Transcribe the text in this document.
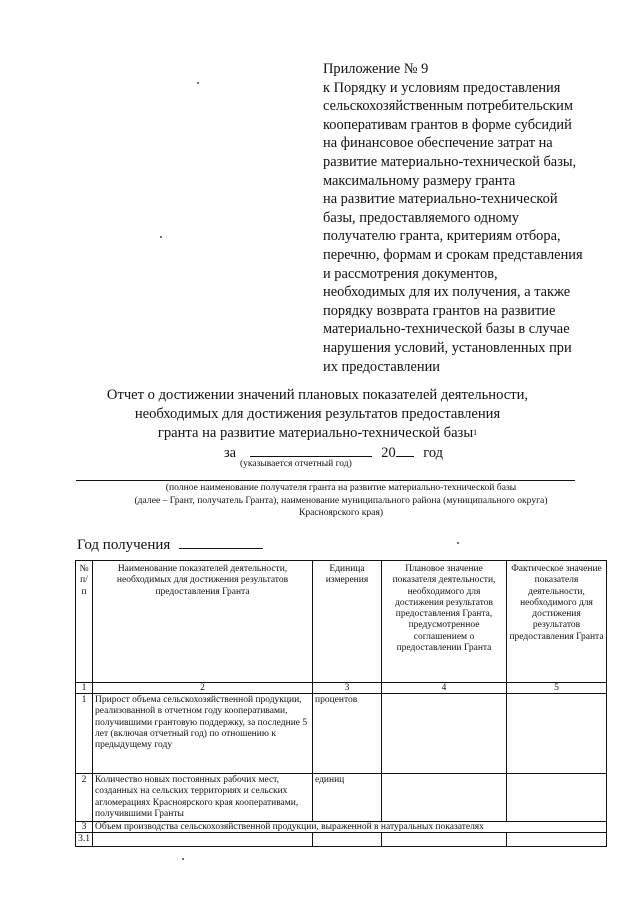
Приложение № 9
к Порядку и условиям предоставления
сельскохозяйственным потребительским
кооперативам грантов в форме субсидий
на финансовое обеспечение затрат на
развитие материально-технической базы,
максимальному размеру гранта
на развитие материально-технической
базы, предоставляемого одному
получателю гранта, критериям отбора,
перечню, формам и срокам представления
и рассмотрения документов,
необходимых для их получения, а также
порядку возврата грантов на развитие
материально-технической базы в случае
нарушения условий, установленных при
их предоставлении
Отчет о достижении значений плановых показателей деятельности,
необходимых для достижения результатов предоставления
гранта на развитие материально-технической базы$^1$
за	20 год
(указывается отчетный год)
(полное наименование получателя гранта на развитие материально-технической базы
(далее – Грант, получатель Гранта), наименование муниципального района (муниципального округа)
Красноярского края)
Год получения
№ п/п	Наименование показателей деятельности, необходимых для достижения результатов предоставления Гранта	Единица измерения	Плановое значение показателя деятельности, необходимого для достижения результатов предоставления Гранта, предусмотренное соглашением о предоставлении Гранта	Фактическое значение показателя деятельности, необходимого для достижения результатов предоставления Гранта
1	2	3	4	5
1	Прирост объема сельскохозяйственной продукции, реализованной в отчетном году кооперативами, получившими грантовую поддержку, за последние 5 лет (включая отчетный год) по отношению к предыдущему году	процентов		
2	Количество новых постоянных рабочих мест, созданных на сельских территориях и сельских агломерациях Красноярского края кооперативами, получившими Гранты	единиц		
3	Объем производства сельскохозяйственной продукции, выраженной в натуральных показателях			
3.1				
